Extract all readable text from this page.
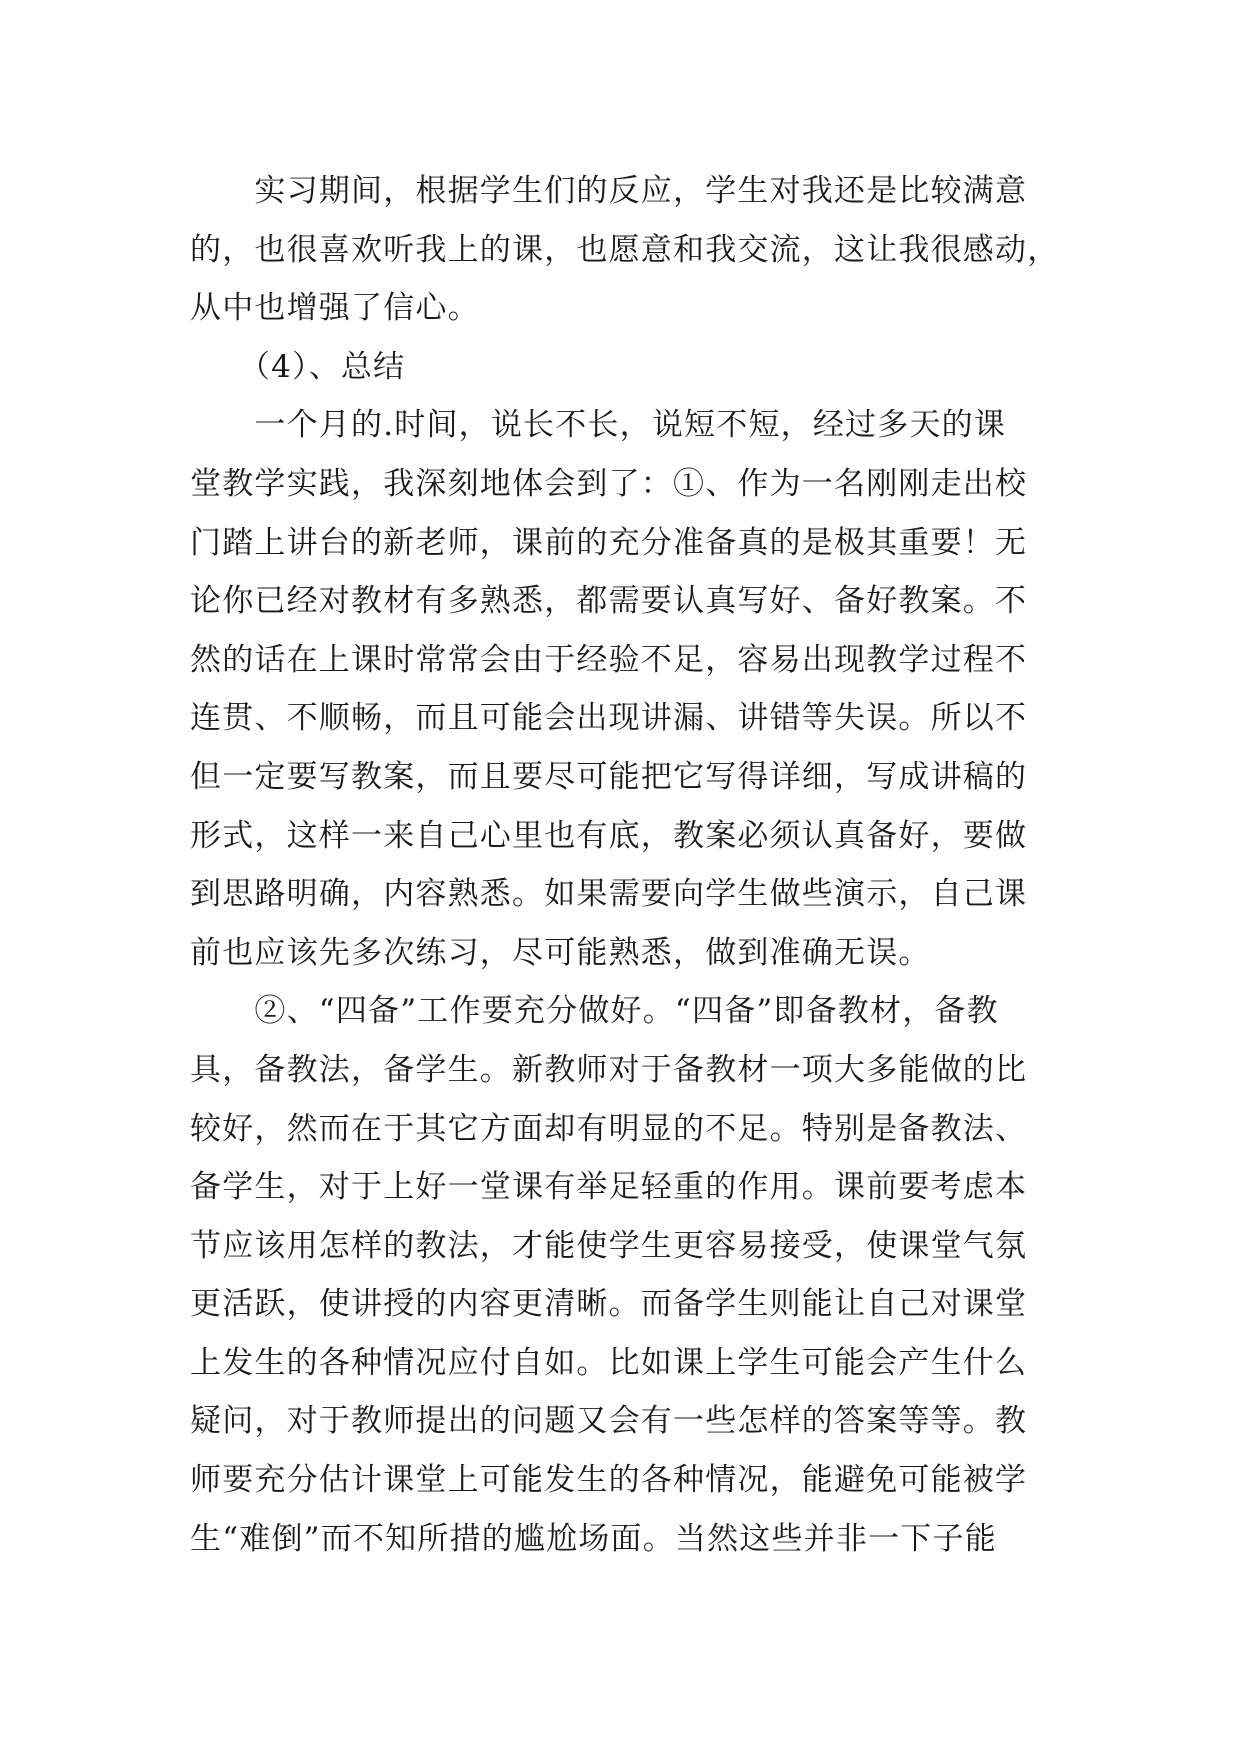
　　实习期间，根据学生们的反应，学生对我还是比较满意
的，也很喜欢听我上的课，也愿意和我交流，这让我很感动，
从中也增强了信心。
　　（4）、总结
　　一个月的.时间，说长不长，说短不短，经过多天的课
堂教学实践，我深刻地体会到了：①、作为一名刚刚走出校
门踏上讲台的新老师，课前的充分准备真的是极其重要！无
论你已经对教材有多熟悉，都需要认真写好、备好教案。不
然的话在上课时常常会由于经验不足，容易出现教学过程不
连贯、不顺畅，而且可能会出现讲漏、讲错等失误。所以不
但一定要写教案，而且要尽可能把它写得详细，写成讲稿的
形式，这样一来自己心里也有底，教案必须认真备好，要做
到思路明确，内容熟悉。如果需要向学生做些演示，自己课
前也应该先多次练习，尽可能熟悉，做到准确无误。
　　②、“四备”工作要充分做好。“四备”即备教材，备教
具，备教法，备学生。新教师对于备教材一项大多能做的比
较好，然而在于其它方面却有明显的不足。特别是备教法、
备学生，对于上好一堂课有举足轻重的作用。课前要考虑本
节应该用怎样的教法，才能使学生更容易接受，使课堂气氛
更活跃，使讲授的内容更清晰。而备学生则能让自己对课堂
上发生的各种情况应付自如。比如课上学生可能会产生什么
疑问，对于教师提出的问题又会有一些怎样的答案等等。教
师要充分估计课堂上可能发生的各种情况，能避免可能被学
生“难倒”而不知所措的尴尬场面。当然这些并非一下子能
